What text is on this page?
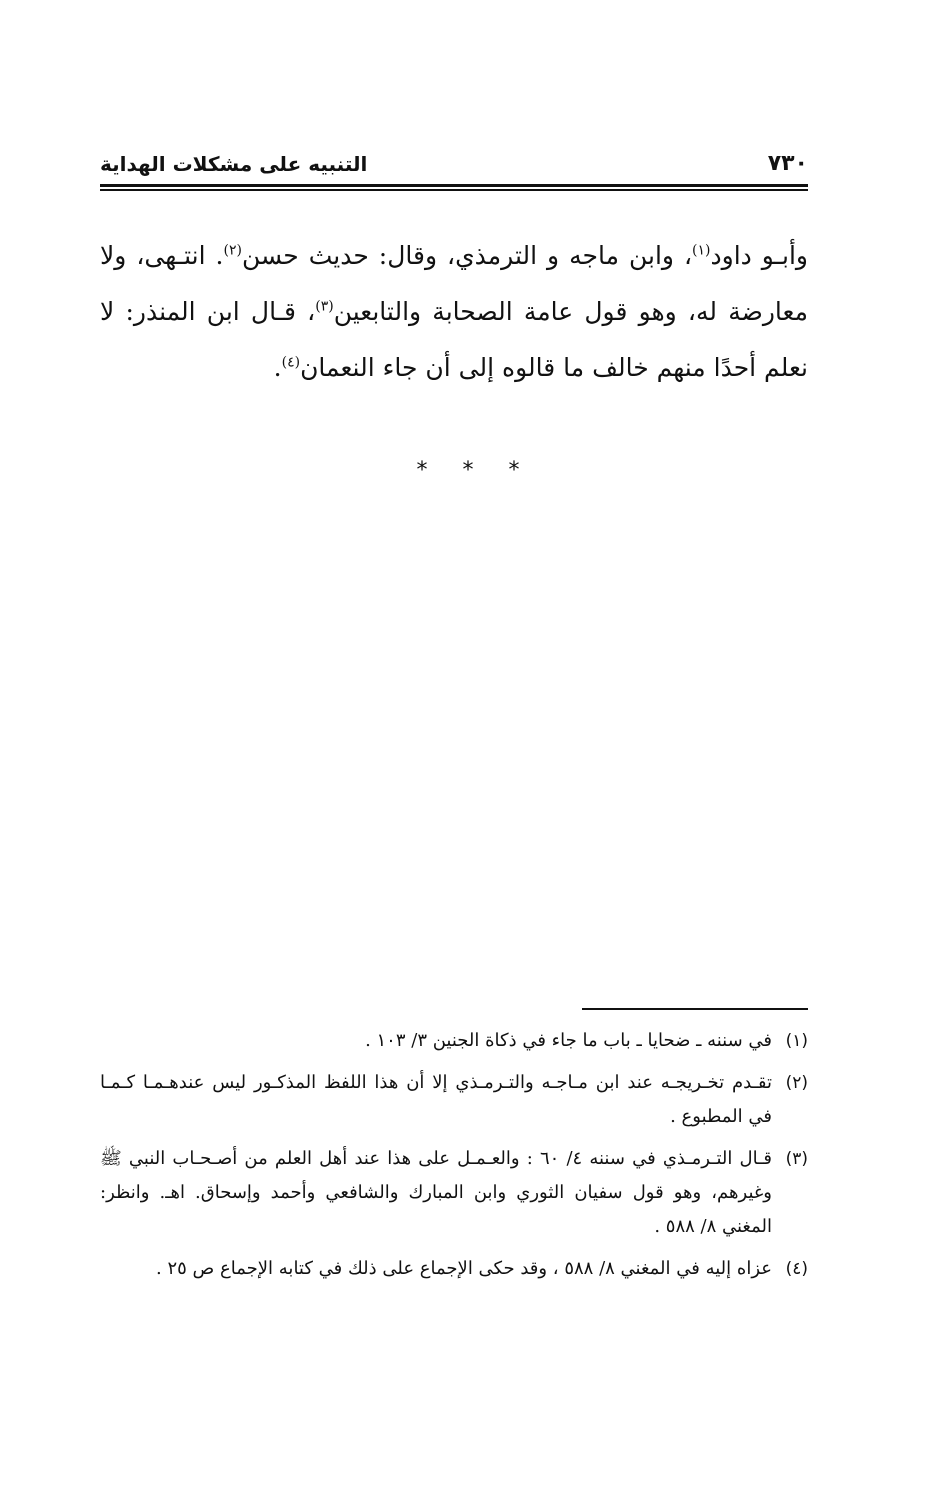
٧٣٠
التنبيه على مشكلات الهداية

وأبـو داود$^{(١)}$، وابن ماجه و الترمذي، وقال: حديث حسن$^{(٢)}$. انتـهى، ولا معارضة له، وهو قول عامة الصحابة والتابعين$^{(٣)}$، قـال ابن المنذر: لا نعلم أحدًا منهم خالف ما قالوه إلى أن جاء النعمان$^{(٤)}$.

* * *
(١)
في سننه ـ ضحايا ـ باب ما جاء في ذكاة الجنين ٣/ ١٠٣ .
(٢)
تقـدم تخـريجـه عند ابن مـاجـه والتـرمـذي إلا أن هذا اللفظ المذكـور ليس عندهـمـا كـمـا في المطبوع .
(٣)
قـال التـرمـذي في سننه ٤/ ٦٠ : والعـمـل على هذا عند أهل العلم من أصـحـاب النبي ﷺ وغيرهم، وهو قول سفيان الثوري وابن المبارك والشافعي وأحمد وإسحاق. اهـ. وانظر: المغني ٨/ ٥٨٨ .
(٤)
عزاه إليه في المغني ٨/ ٥٨٨ ، وقد حكى الإجماع على ذلك في كتابه الإجماع ص ٢٥ .
